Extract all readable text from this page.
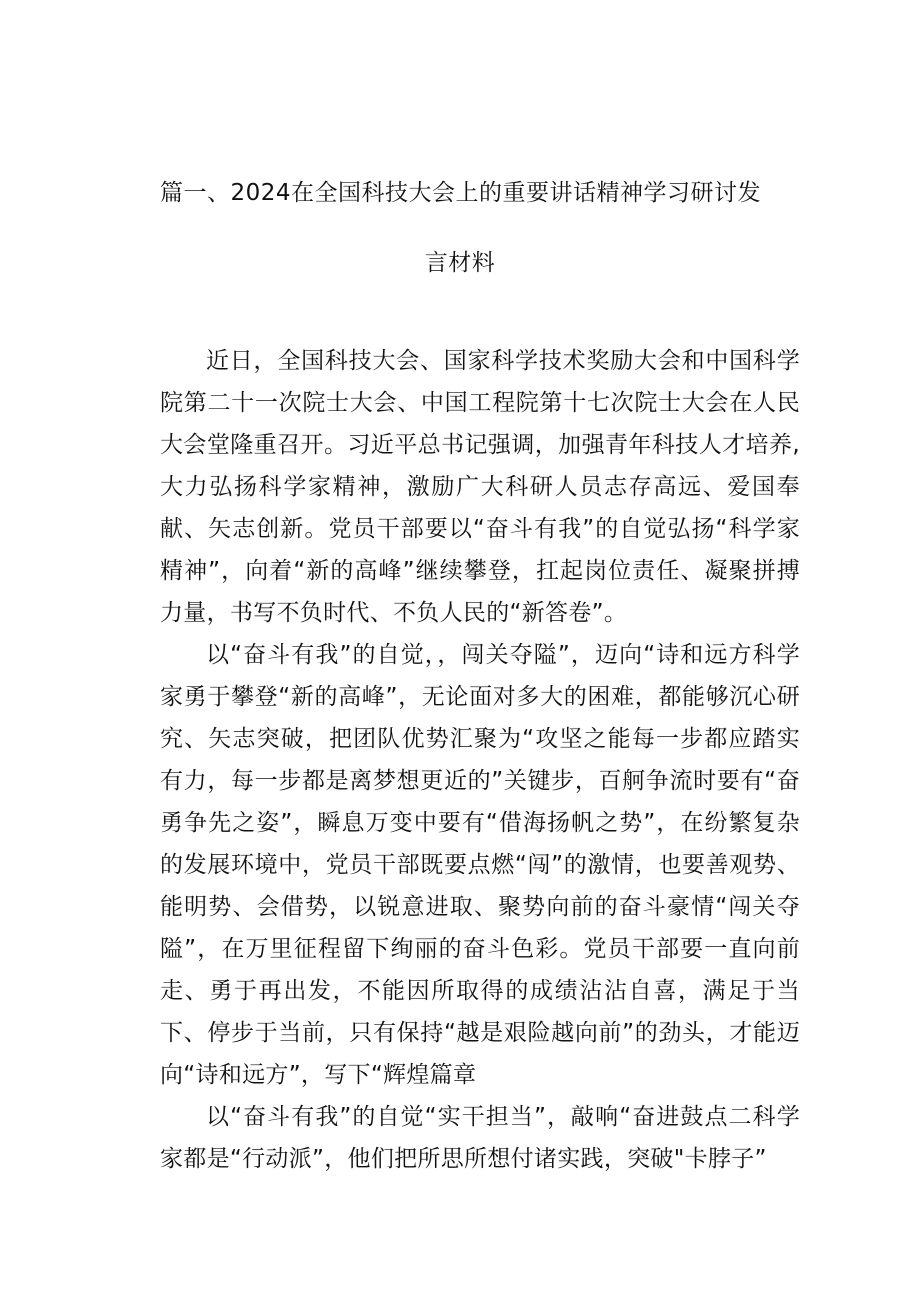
篇一、2024在全国科技大会上的重要讲话精神学习研讨发
言材料

近日，全国科技大会、国家科学技术奖励大会和中国科学院第二十一次院士大会、中国工程院第十七次院士大会在人民大会堂隆重召开。习近平总书记强调，加强青年科技人才培养,大力弘扬科学家精神，激励广大科研人员志存高远、爱国奉献、矢志创新。党员干部要以“奋斗有我”的自觉弘扬“科学家精神”，向着“新的高峰”继续攀登，扛起岗位责任、凝聚拼搏力量，书写不负时代、不负人民的“新答卷”。

以“奋斗有我”的自觉，，闯关夺隘”，迈向“诗和远方科学家勇于攀登“新的高峰”，无论面对多大的困难，都能够沉心研究、矢志突破，把团队优势汇聚为“攻坚之能每一步都应踏实有力，每一步都是离梦想更近的”关键步，百舸争流时要有“奋勇争先之姿”，瞬息万变中要有“借海扬帆之势”，在纷繁复杂的发展环境中，党员干部既要点燃“闯”的激情，也要善观势、能明势、会借势，以锐意进取、聚势向前的奋斗豪情“闯关夺隘”，在万里征程留下绚丽的奋斗色彩。党员干部要一直向前走、勇于再出发，不能因所取得的成绩沾沾自喜，满足于当下、停步于当前，只有保持“越是艰险越向前”的劲头，才能迈向“诗和远方”，写下“辉煌篇章

以“奋斗有我”的自觉“实干担当”，敲响“奋进鼓点二科学家都是“行动派”，他们把所思所想付诸实践，突破"卡脖子”
